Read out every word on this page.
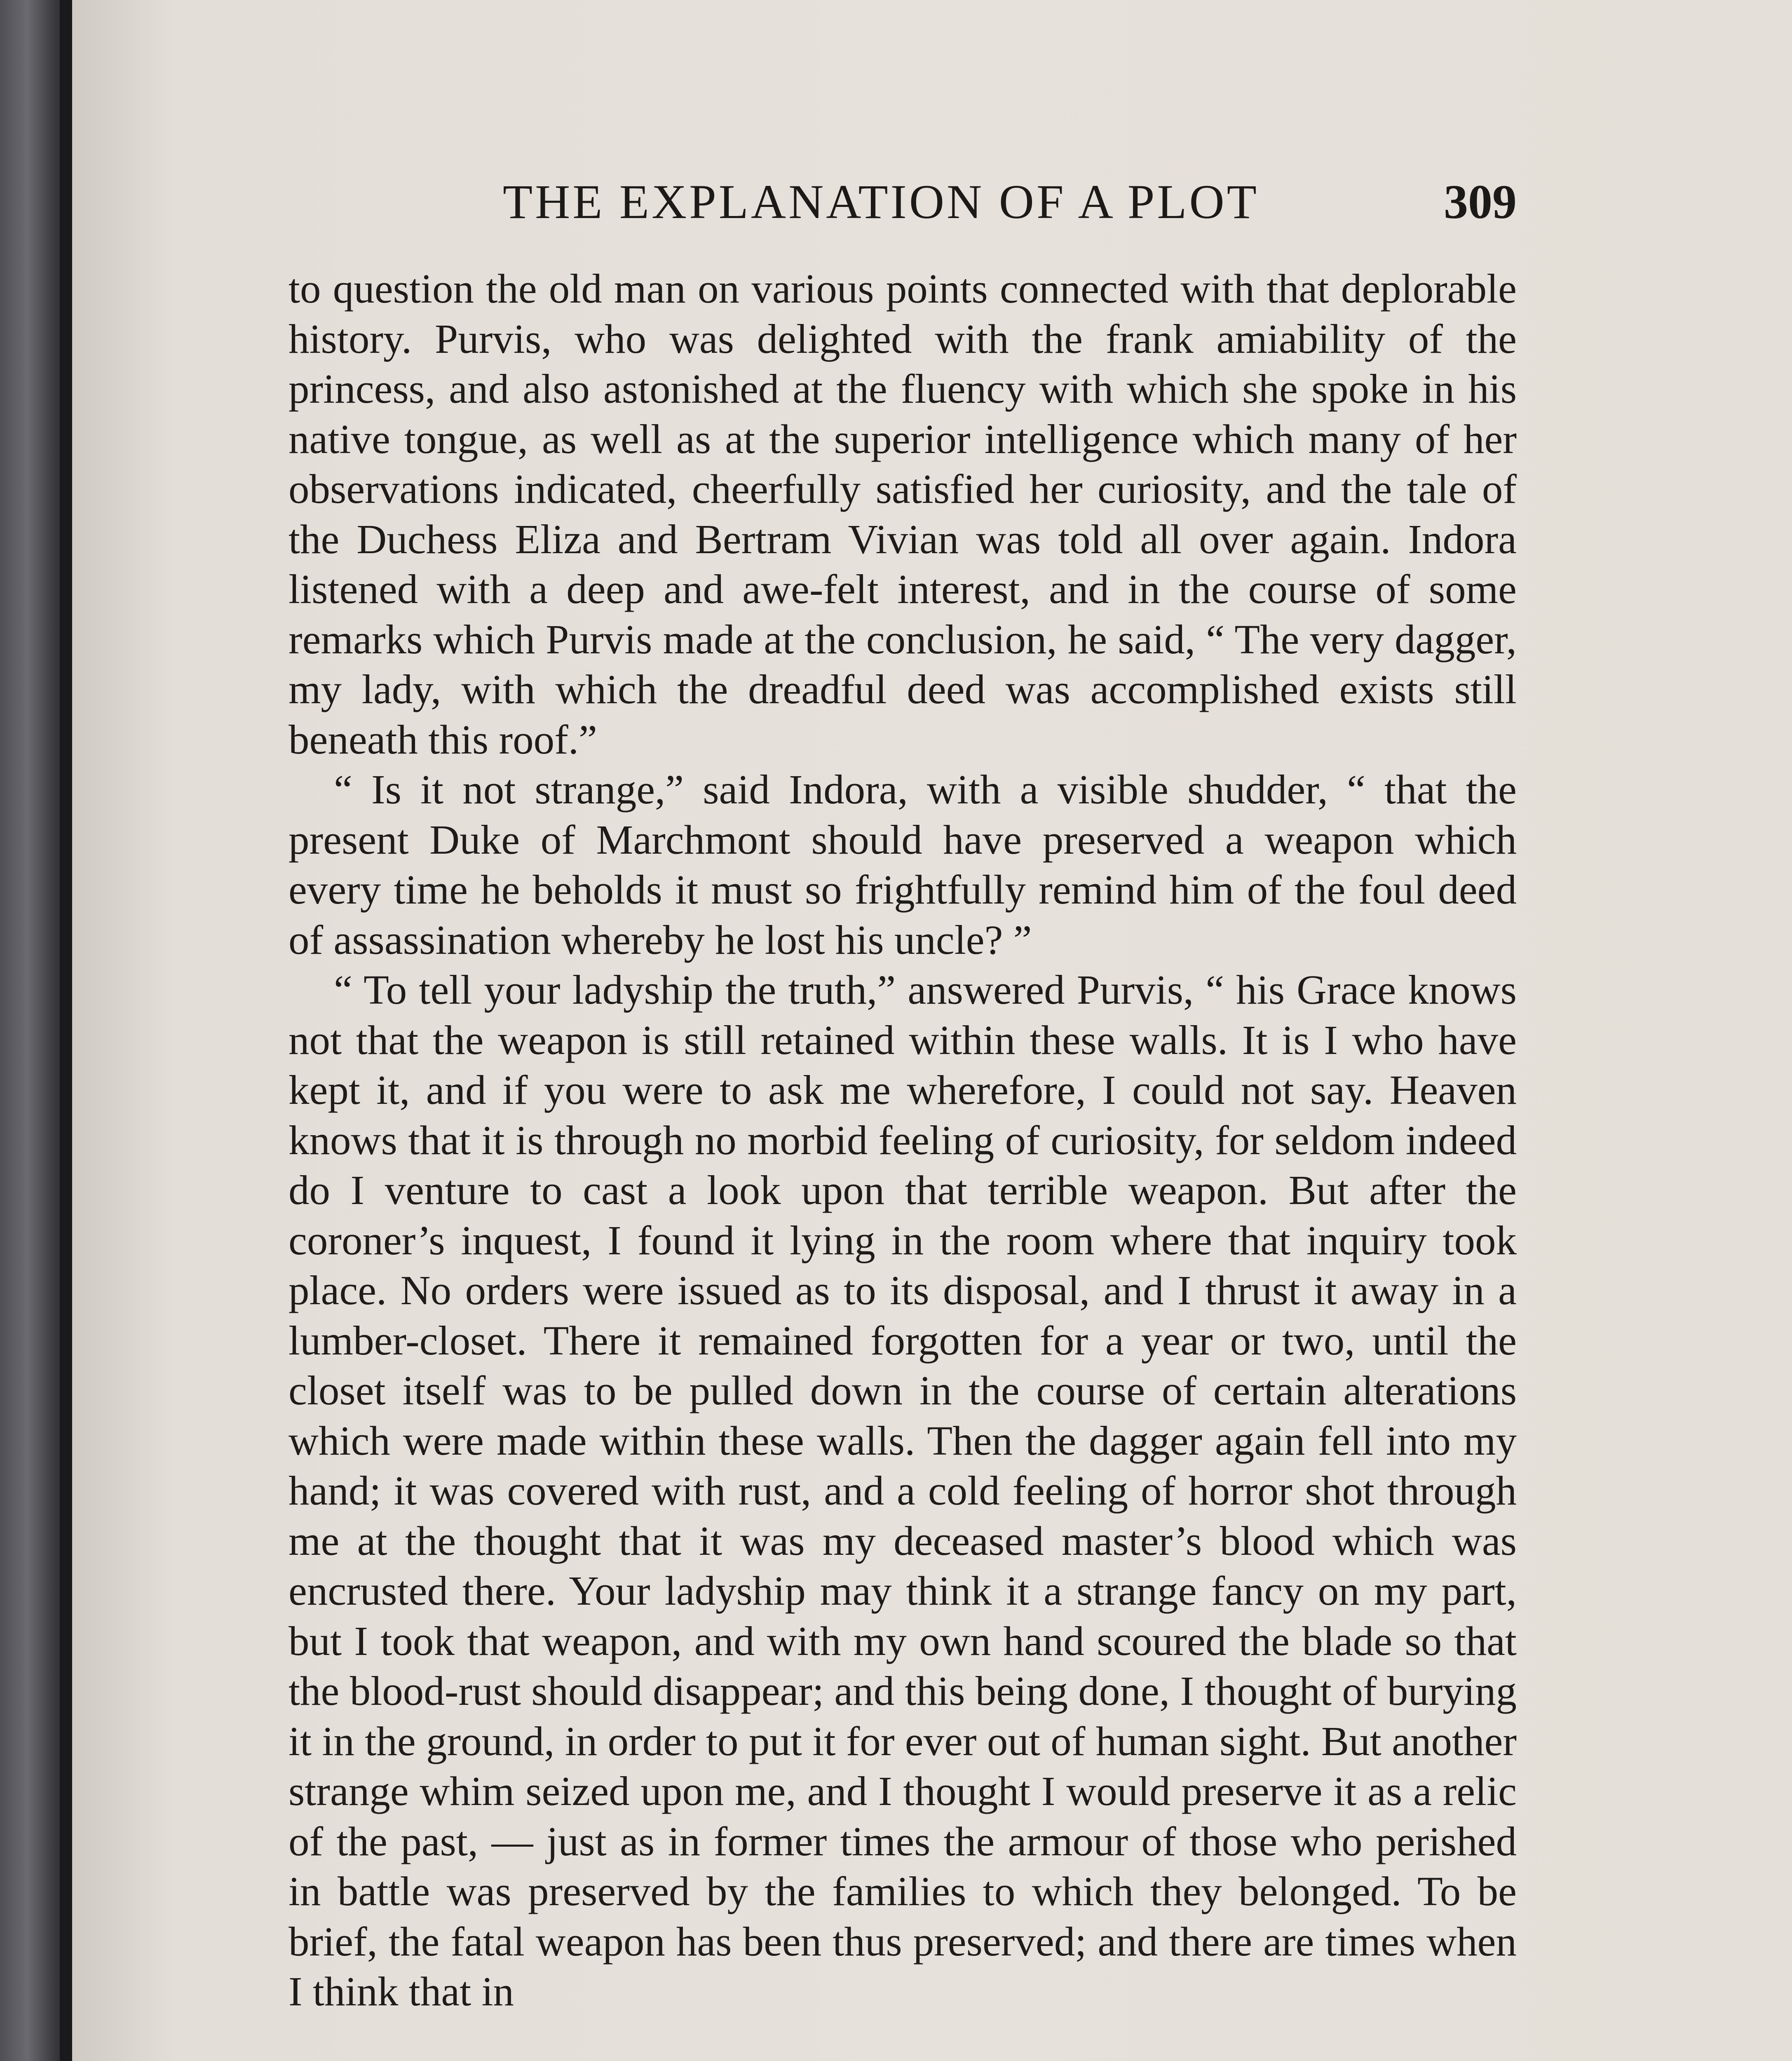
THE EXPLANATION OF A PLOT	309

to question the old man on various points connected with that deplorable history. Purvis, who was delighted with the frank amiability of the princess, and also astonished at the fluency with which she spoke in his native tongue, as well as at the superior intelligence which many of her observations indicated, cheerfully satisfied her curiosity, and the tale of the Duchess Eliza and Bertram Vivian was told all over again. Indora listened with a deep and awe-felt interest, and in the course of some remarks which Purvis made at the conclusion, he said, “ The very dagger, my lady, with which the dreadful deed was accomplished exists still beneath this roof.”

“ Is it not strange,” said Indora, with a visible shudder, “ that the present Duke of Marchmont should have preserved a weapon which every time he beholds it must so frightfully remind him of the foul deed of assassination whereby he lost his uncle? ”

“ To tell your ladyship the truth,” answered Purvis, “ his Grace knows not that the weapon is still retained within these walls. It is I who have kept it, and if you were to ask me wherefore, I could not say. Heaven knows that it is through no morbid feeling of curiosity, for seldom indeed do I venture to cast a look upon that terrible weapon. But after the coroner’s inquest, I found it lying in the room where that inquiry took place. No orders were issued as to its disposal, and I thrust it away in a lumber-closet. There it remained forgotten for a year or two, until the closet itself was to be pulled down in the course of certain alterations which were made within these walls. Then the dagger again fell into my hand; it was covered with rust, and a cold feeling of horror shot through me at the thought that it was my deceased master’s blood which was encrusted there. Your ladyship may think it a strange fancy on my part, but I took that weapon, and with my own hand scoured the blade so that the blood-rust should disappear; and this being done, I thought of burying it in the ground, in order to put it for ever out of human sight. But another strange whim seized upon me, and I thought I would preserve it as a relic of the past, — just as in former times the armour of those who perished in battle was preserved by the families to which they belonged. To be brief, the fatal weapon has been thus preserved; and there are times when I think that in
